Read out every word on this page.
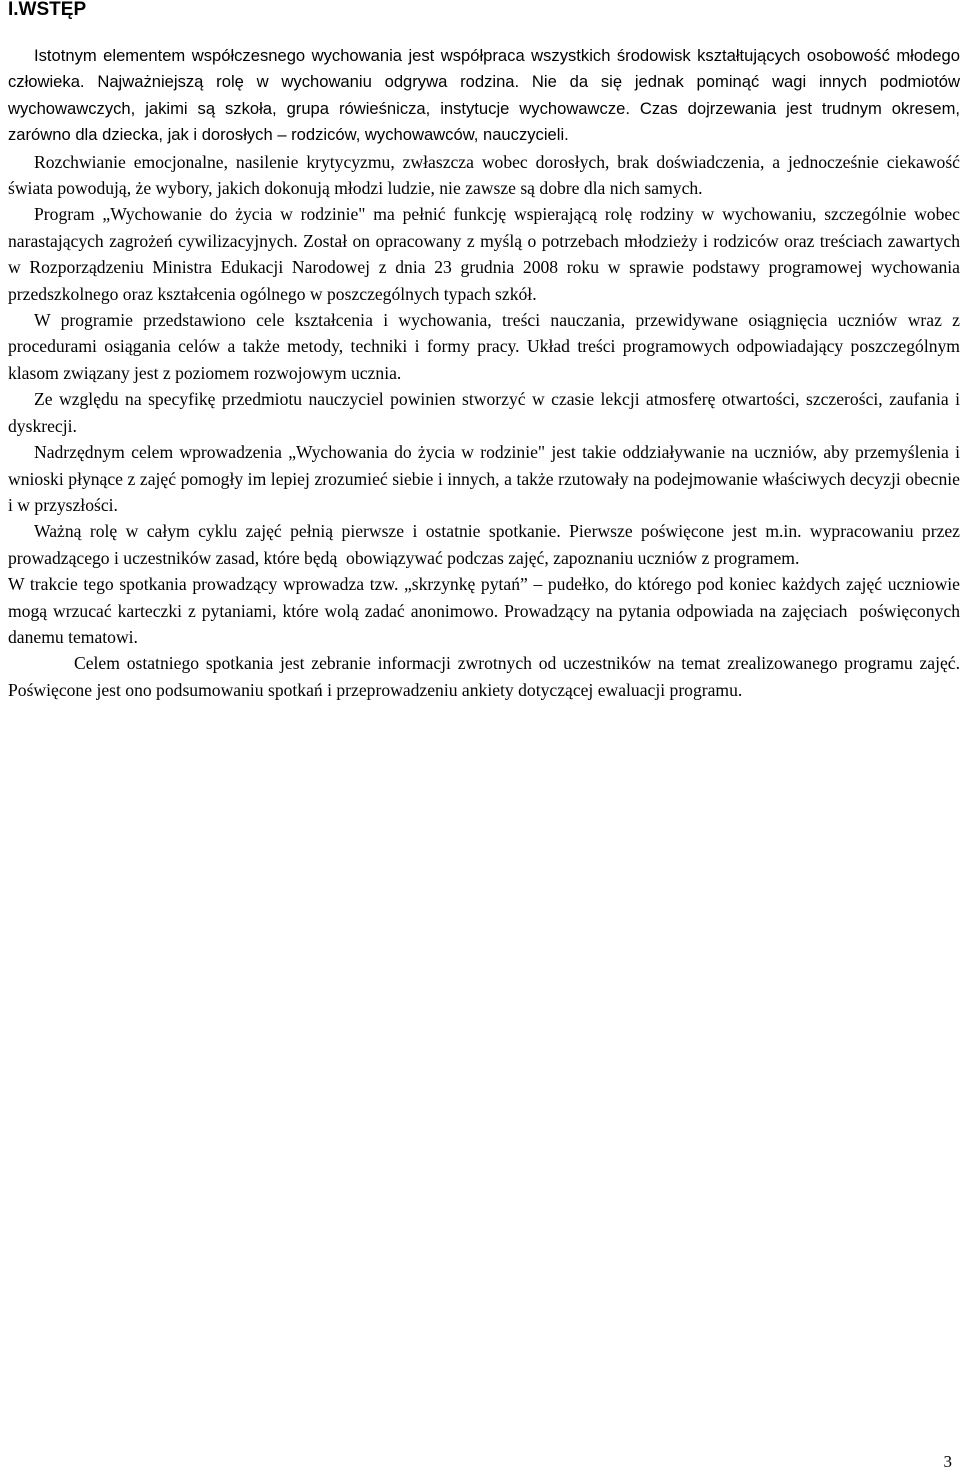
I.WSTĘP

Istotnym elementem współczesnego wychowania jest współpraca wszystkich środowisk kształtujących osobowość młodego człowieka. Najważniejszą rolę w wychowaniu odgrywa rodzina. Nie da się jednak pominąć wagi innych podmiotów wychowawczych, jakimi są szkoła, grupa rówieśnicza, instytucje wychowawcze. Czas dojrzewania jest trudnym okresem, zarówno dla dziecka, jak i dorosłych – rodziców, wychowawców, nauczycieli.

Rozchwianie emocjonalne, nasilenie krytycyzmu, zwłaszcza wobec dorosłych, brak doświadczenia, a jednocześnie ciekawość świata powodują, że wybory, jakich dokonują młodzi ludzie, nie zawsze są dobre dla nich samych.

Program „Wychowanie do życia w rodzinie" ma pełnić funkcję wspierającą rolę rodziny w wychowaniu, szczególnie wobec narastających zagrożeń cywilizacyjnych. Został on opracowany z myślą o potrzebach młodzieży i rodziców oraz treściach zawartych w Rozporządzeniu Ministra Edukacji Narodowej z dnia 23 grudnia 2008 roku w sprawie podstawy programowej wychowania przedszkolnego oraz kształcenia ogólnego w poszczególnych typach szkół.

W programie przedstawiono cele kształcenia i wychowania, treści nauczania, przewidywane osiągnięcia uczniów wraz z procedurami osiągania celów a także metody, techniki i formy pracy. Układ treści programowych odpowiadający poszczególnym klasom związany jest z poziomem rozwojowym ucznia.

Ze względu na specyfikę przedmiotu nauczyciel powinien stworzyć w czasie lekcji atmosferę otwartości, szczerości, zaufania i dyskrecji.

Nadrzędnym celem wprowadzenia „Wychowania do życia w rodzinie" jest takie oddziaływanie na uczniów, aby przemyślenia i wnioski płynące z zajęć pomogły im lepiej zrozumieć siebie i innych, a także rzutowały na podejmowanie właściwych decyzji obecnie i w przyszłości.

Ważną rolę w całym cyklu zajęć pełnią pierwsze i ostatnie spotkanie. Pierwsze poświęcone jest m.in. wypracowaniu przez prowadzącego i uczestników zasad, które będą  obowiązywać podczas zajęć, zapoznaniu uczniów z programem.

W trakcie tego spotkania prowadzący wprowadza tzw. „skrzynkę pytań” – pudełko, do którego pod koniec każdych zajęć uczniowie mogą wrzucać karteczki z pytaniami, które wolą zadać anonimowo. Prowadzący na pytania odpowiada na zajęciach  poświęconych danemu tematowi.

Celem ostatniego spotkania jest zebranie informacji zwrotnych od uczestników na temat zrealizowanego programu zajęć. Poświęcone jest ono podsumowaniu spotkań i przeprowadzeniu ankiety dotyczącej ewaluacji programu.

3
